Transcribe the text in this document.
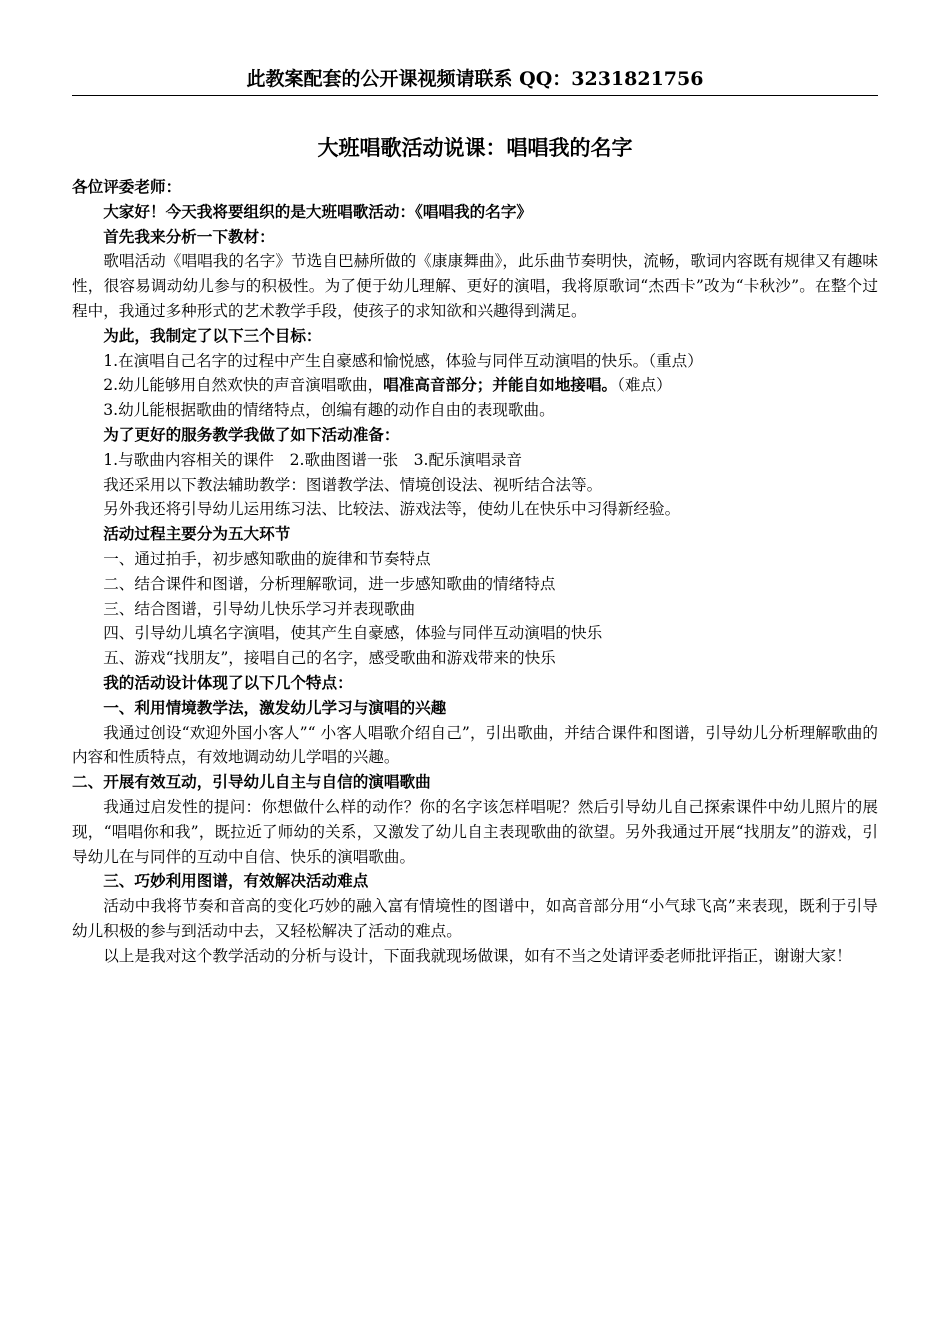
此教案配套的公开课视频请联系 QQ：3231821756
大班唱歌活动说课：唱唱我的名字

各位评委老师：

大家好！今天我将要组织的是大班唱歌活动：《唱唱我的名字》

首先我来分析一下教材：

歌唱活动《唱唱我的名字》节选自巴赫所做的《康康舞曲》，此乐曲节奏明快，流畅，歌词内容既有规律又有趣味性，很容易调动幼儿参与的积极性。为了便于幼儿理解、更好的演唱，我将原歌词“杰西卡”改为“卡秋沙”。在整个过程中，我通过多种形式的艺术教学手段，使孩子的求知欲和兴趣得到满足。

为此，我制定了以下三个目标：

1.在演唱自己名字的过程中产生自豪感和愉悦感，体验与同伴互动演唱的快乐。（重点）

2.幼儿能够用自然欢快的声音演唱歌曲，唱准高音部分；并能自如地接唱。（难点）

3.幼儿能根据歌曲的情绪特点，创编有趣的动作自由的表现歌曲。

为了更好的服务教学我做了如下活动准备：

1.与歌曲内容相关的课件　2.歌曲图谱一张　3.配乐演唱录音

我还采用以下教法辅助教学：图谱教学法、情境创设法、视听结合法等。

另外我还将引导幼儿运用练习法、比较法、游戏法等，使幼儿在快乐中习得新经验。

活动过程主要分为五大环节

一、通过拍手，初步感知歌曲的旋律和节奏特点

二、结合课件和图谱，分析理解歌词，进一步感知歌曲的情绪特点

三、结合图谱，引导幼儿快乐学习并表现歌曲

四、引导幼儿填名字演唱，使其产生自豪感，体验与同伴互动演唱的快乐

五、游戏“找朋友”，接唱自己的名字，感受歌曲和游戏带来的快乐

我的活动设计体现了以下几个特点：

一、利用情境教学法，激发幼儿学习与演唱的兴趣

我通过创设“欢迎外国小客人”“ 小客人唱歌介绍自己”，引出歌曲，并结合课件和图谱，引导幼儿分析理解歌曲的内容和性质特点，有效地调动幼儿学唱的兴趣。

二、开展有效互动，引导幼儿自主与自信的演唱歌曲

我通过启发性的提问：你想做什么样的动作？你的名字该怎样唱呢？然后引导幼儿自己探索课件中幼儿照片的展现，“唱唱你和我”，既拉近了师幼的关系，又激发了幼儿自主表现歌曲的欲望。另外我通过开展“找朋友”的游戏，引导幼儿在与同伴的互动中自信、快乐的演唱歌曲。

三、巧妙利用图谱，有效解决活动难点

活动中我将节奏和音高的变化巧妙的融入富有情境性的图谱中，如高音部分用“小气球飞高”来表现，既利于引导幼儿积极的参与到活动中去，又轻松解决了活动的难点。

以上是我对这个教学活动的分析与设计，下面我就现场做课，如有不当之处请评委老师批评指正，谢谢大家！
